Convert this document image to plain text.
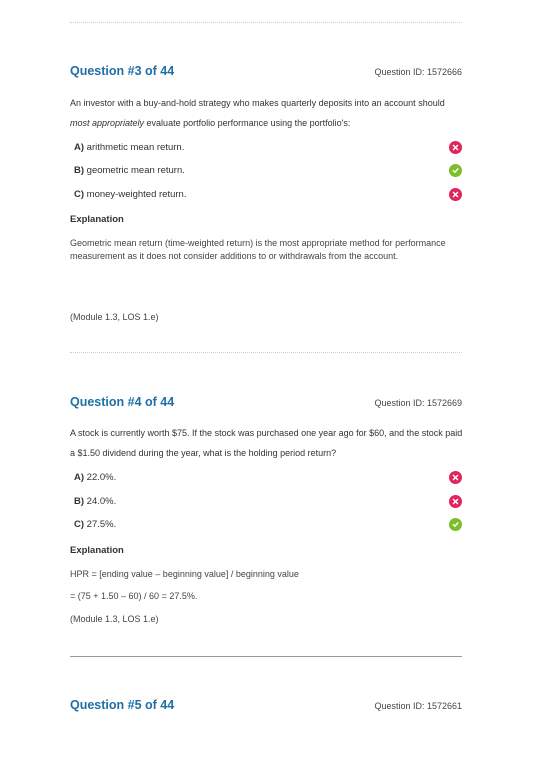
Question #3 of 44	Question ID: 1572666
An investor with a buy-and-hold strategy who makes quarterly deposits into an account should most appropriately evaluate portfolio performance using the portfolio's:
A) arithmetic mean return.
B) geometric mean return.
C) money-weighted return.
Explanation
Geometric mean return (time-weighted return) is the most appropriate method for performance measurement as it does not consider additions to or withdrawals from the account.
(Module 1.3, LOS 1.e)
Question #4 of 44	Question ID: 1572669
A stock is currently worth $75. If the stock was purchased one year ago for $60, and the stock paid a $1.50 dividend during the year, what is the holding period return?
A) 22.0%.
B) 24.0%.
C) 27.5%.
Explanation
HPR = [ending value – beginning value] / beginning value
= (75 + 1.50 – 60) / 60 = 27.5%.
(Module 1.3, LOS 1.e)
Question #5 of 44	Question ID: 1572661
